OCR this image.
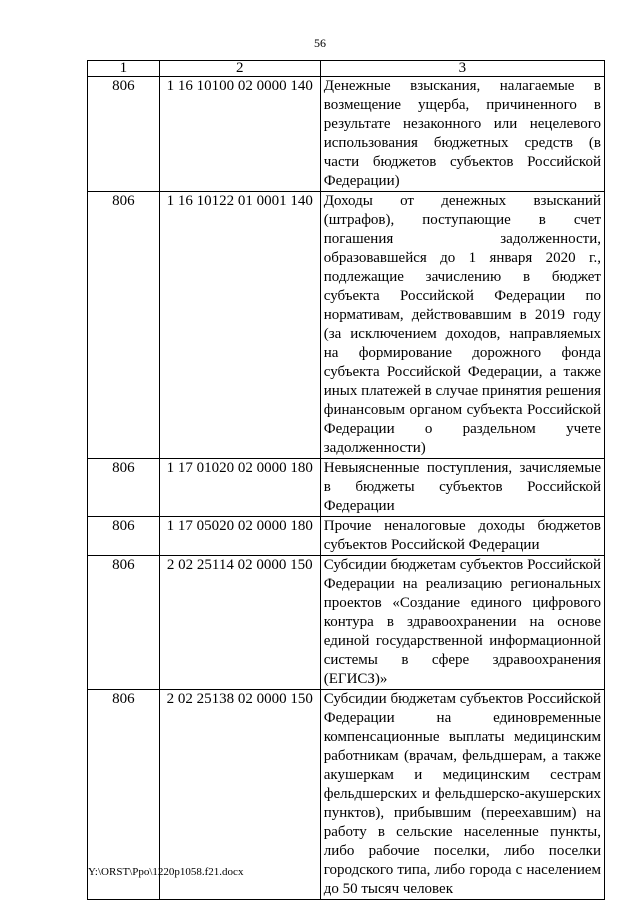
56
1	2	3
806	1 16 10100 02 0000 140	Денежные взыскания, налагаемые в возмещение ущерба, причиненного в результате незаконного или нецелевого использования бюджетных средств (в части бюджетов субъектов Российской Федерации)
806	1 16 10122 01 0001 140	Доходы от денежных взысканий (штрафов), поступающие в счет погашения задолженности, образовавшейся до 1 января 2020 г., подлежащие зачислению в бюджет субъекта Российской Федерации по нормативам, действовавшим в 2019 году (за исключением доходов, направляемых на формирование дорожного фонда субъекта Российской Федерации, а также иных платежей в случае принятия решения финансовым органом субъекта Российской Федерации о раздельном учете задолженности)
806	1 17 01020 02 0000 180	Невыясненные поступления, зачисляемые в бюджеты субъектов Российской Федерации
806	1 17 05020 02 0000 180	Прочие неналоговые доходы бюджетов субъектов Российской Федерации
806	2 02 25114 02 0000 150	Субсидии бюджетам субъектов Российской Федерации на реализацию региональных проектов «Создание единого цифрового контура в здравоохранении на основе единой государственной информационной системы в сфере здравоохранения (ЕГИСЗ)»
806	2 02 25138 02 0000 150	Субсидии бюджетам субъектов Российской Федерации на единовременные компенсационные выплаты медицинским работникам (врачам, фельдшерам, а также акушеркам и медицинским сестрам фельдшерских и фельдшерско-акушерских пунктов), прибывшим (переехавшим) на работу в сельские населенные пункты, либо рабочие поселки, либо поселки городского типа, либо города с населением до 50 тысяч человек
Y:\ORST\Ppo\1220p1058.f21.docx
